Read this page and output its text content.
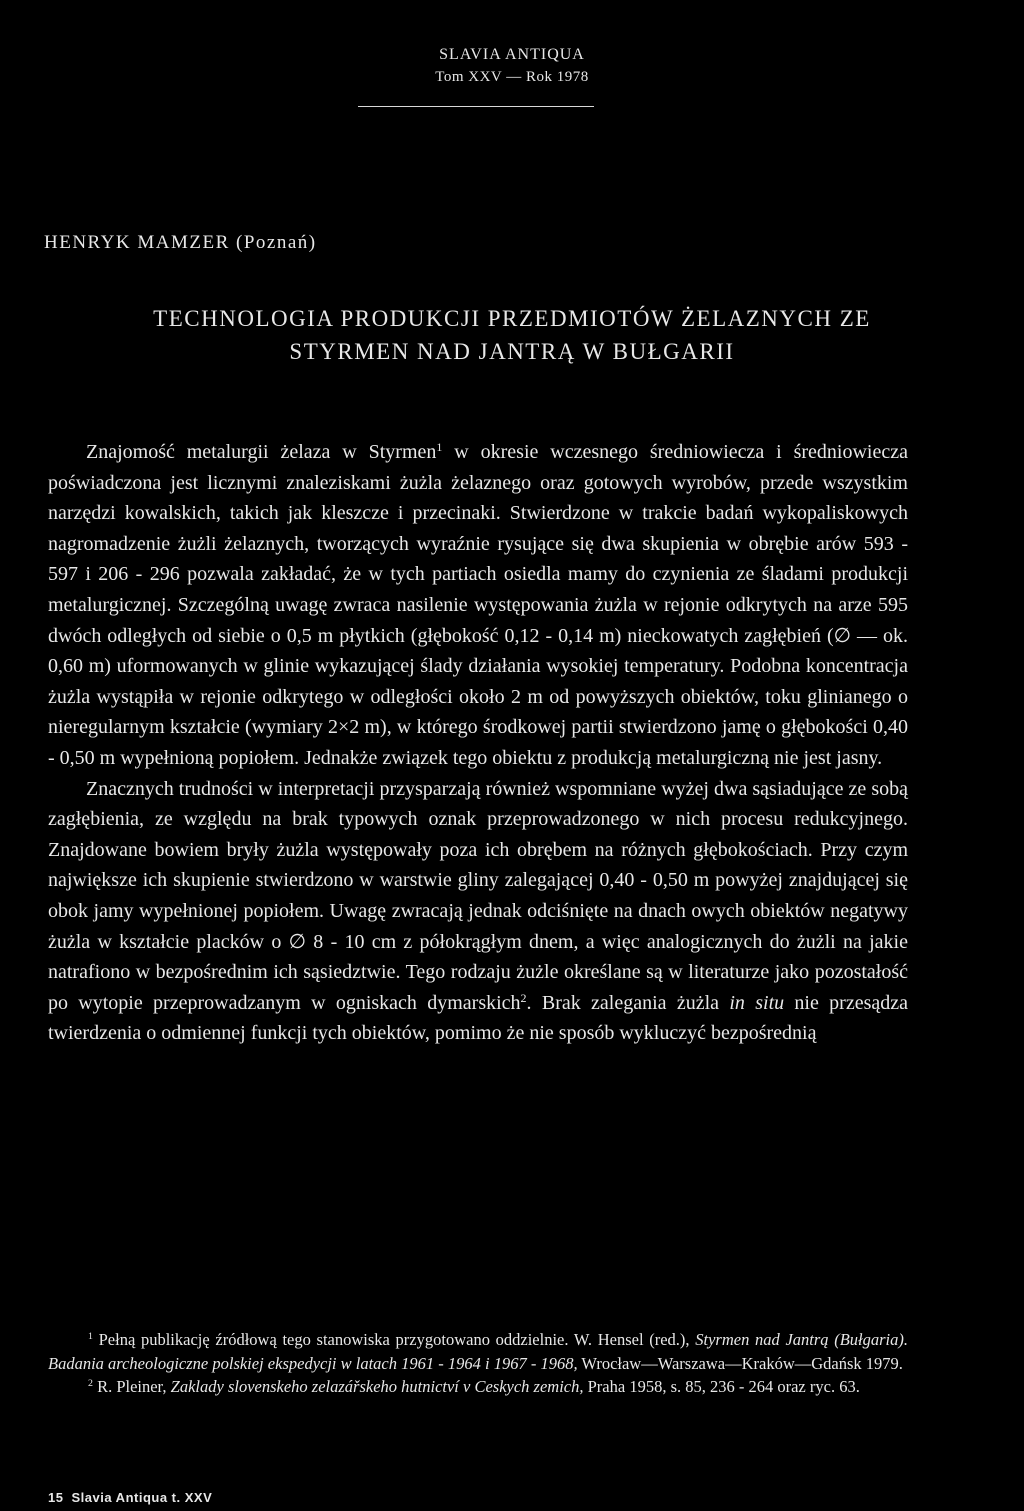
SLAVIA ANTIQUA
Tom XXV — Rok 1978
HENRYK MAMZER (Poznań)
TECHNOLOGIA PRODUKCJI PRZEDMIOTÓW ŻELAZNYCH ZE
STYRMEN NAD JANTRĄ W BUŁGARII

Znajomość metalurgii żelaza w Styrmen$^1$ w okresie wczesnego średniowiecza i średniowiecza poświadczona jest licznymi znaleziskami żużla żelaznego oraz gotowych wyrobów, przede wszystkim narzędzi kowalskich, takich jak kleszcze i przecinaki. Stwierdzone w trakcie badań wykopaliskowych nagromadzenie żużli żelaznych, tworzących wyraźnie rysujące się dwa skupienia w obrębie arów 593 - 597 i 206 - 296 pozwala zakładać, że w tych partiach osiedla mamy do czynienia ze śladami produkcji metalurgicznej. Szczególną uwagę zwraca nasilenie występowania żużla w rejonie odkrytych na arze 595 dwóch odległych od siebie o 0,5 m płytkich (głębokość 0,12 - 0,14 m) nieckowatych zagłębień (∅ — ok. 0,60 m) uformowanych w glinie wykazującej ślady działania wysokiej temperatury. Podobna koncentracja żużla wystąpiła w rejonie odkrytego w odległości około 2 m od powyższych obiektów, toku glinianego o nieregularnym kształcie (wymiary 2×2 m), w którego środkowej partii stwierdzono jamę o głębokości 0,40 - 0,50 m wypełnioną popiołem. Jednakże związek tego obiektu z produkcją metalurgiczną nie jest jasny.

Znacznych trudności w interpretacji przysparzają również wspomniane wyżej dwa sąsiadujące ze sobą zagłębienia, ze względu na brak typowych oznak przeprowadzonego w nich procesu redukcyjnego. Znajdowane bowiem bryły żużla występowały poza ich obrębem na różnych głębokościach. Przy czym największe ich skupienie stwierdzono w warstwie gliny zalegającej 0,40 - 0,50 m powyżej znajdującej się obok jamy wypełnionej popiołem. Uwagę zwracają jednak odciśnięte na dnach owych obiektów negatywy żużla w kształcie placków o ∅ 8 - 10 cm z półokrągłym dnem, a więc analogicznych do żużli na jakie natrafiono w bezpośrednim ich sąsiedztwie. Tego rodzaju żużle określane są w literaturze jako pozostałość po wytopie przeprowadzanym w ogniskach dymarskich$^2$. Brak zalegania żużla in situ nie przesądza twierdzenia o odmiennej funkcji tych obiektów, pomimo że nie sposób wykluczyć bezpośrednią

$^1$ Pełną publikację źródłową tego stanowiska przygotowano oddzielnie. W. Hensel (red.), Styrmen nad Jantrą (Bułgaria). Badania archeologiczne polskiej ekspedycji w latach 1961 - 1964 i 1967 - 1968, Wrocław—Warszawa—Kraków—Gdańsk 1979.

$^2$ R. Pleiner, Zaklady slovenskeho zelazářskeho hutnictví v Ceskych zemich, Praha 1958, s. 85, 236 - 264 oraz ryc. 63.

15 Slavia Antiqua t. XXV
